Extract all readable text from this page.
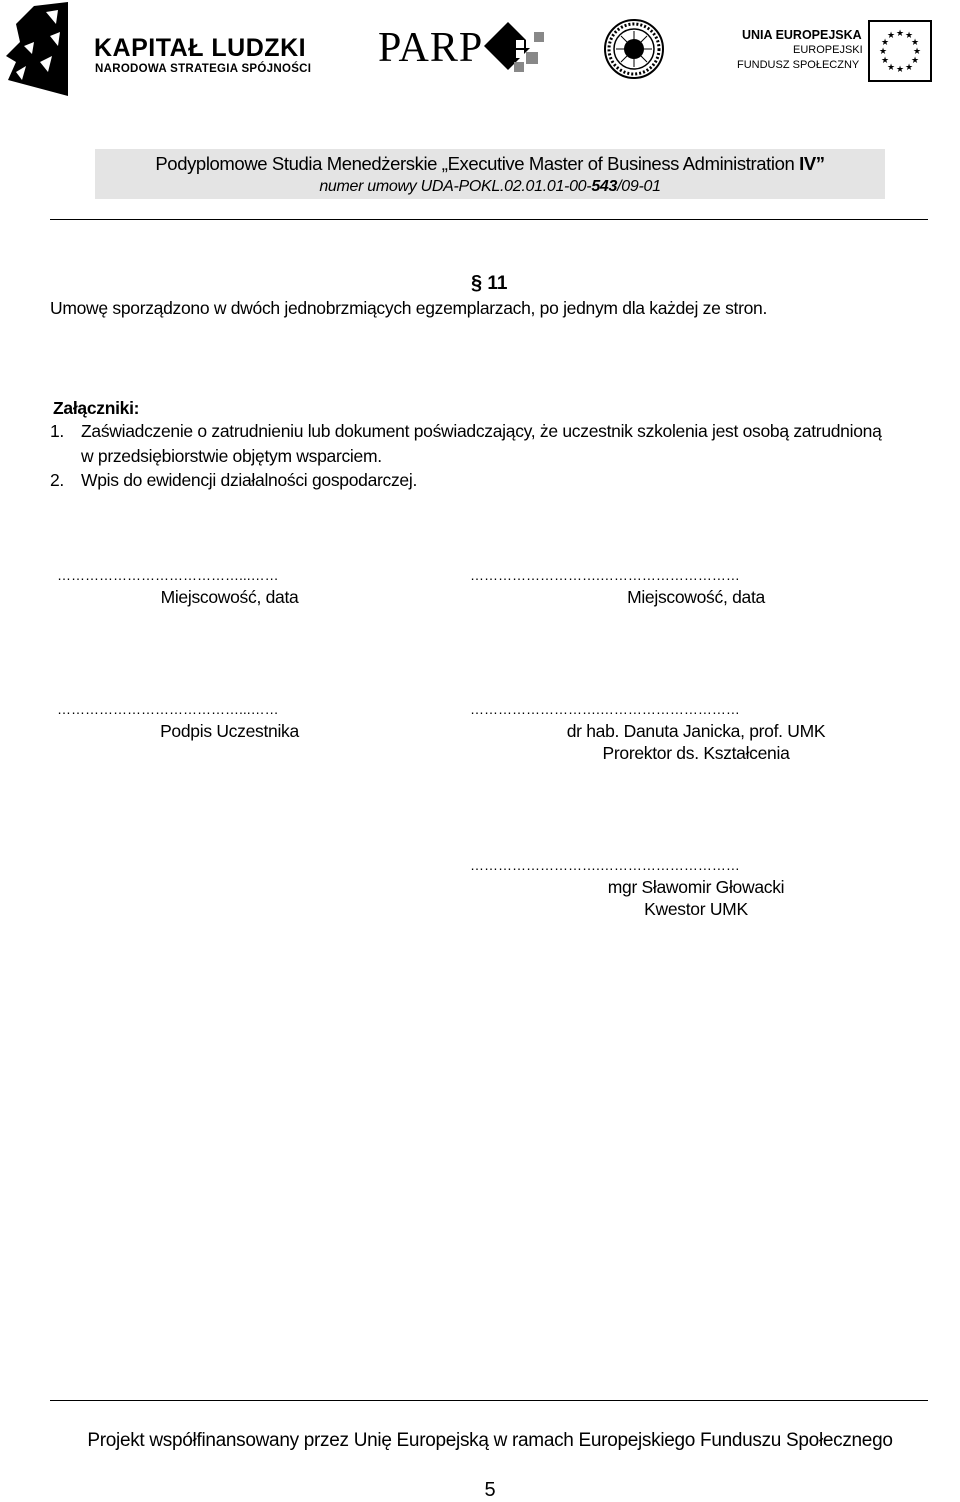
KAPITAŁ LUDZKI
NARODOWA STRATEGIA SPÓJNOŚCI PARP	UNIA EUROPEJSKA
EUROPEJSKI
FUNDUSZ SPOŁECZNY
★ ★
★
★
★
★
★
★
★
★
★
★
Podyplomowe Studia Menedżerskie „Executive Master of Business Administration IV”
numer umowy UDA-POKL.02.01.01-00-543/09-01
§ 11
Umowę sporządzono w dwóch jednobrzmiących egzemplarzach, po jednym dla każdej ze stron.
Załączniki:
1. Zaświadczenie o zatrudnieniu lub dokument poświadczający, że uczestnik szkolenia jest osobą zatrudnioną
w przedsiębiorstwie objętym wsparciem.
2. Wpis do ewidencji działalności gospodarczej.
…………………………………...……	……………………….…………………………
Miejscowość, data	Miejscowość, data
…………………………………...……	……………………….…………………………
Podpis Uczestnika	dr hab. Danuta Janicka, prof. UMK
Prorektor ds. Kształcenia
……………………….…………………………
mgr Sławomir Głowacki
Kwestor UMK
Projekt współfinansowany przez Unię Europejską w ramach Europejskiego Funduszu Społecznego
5
